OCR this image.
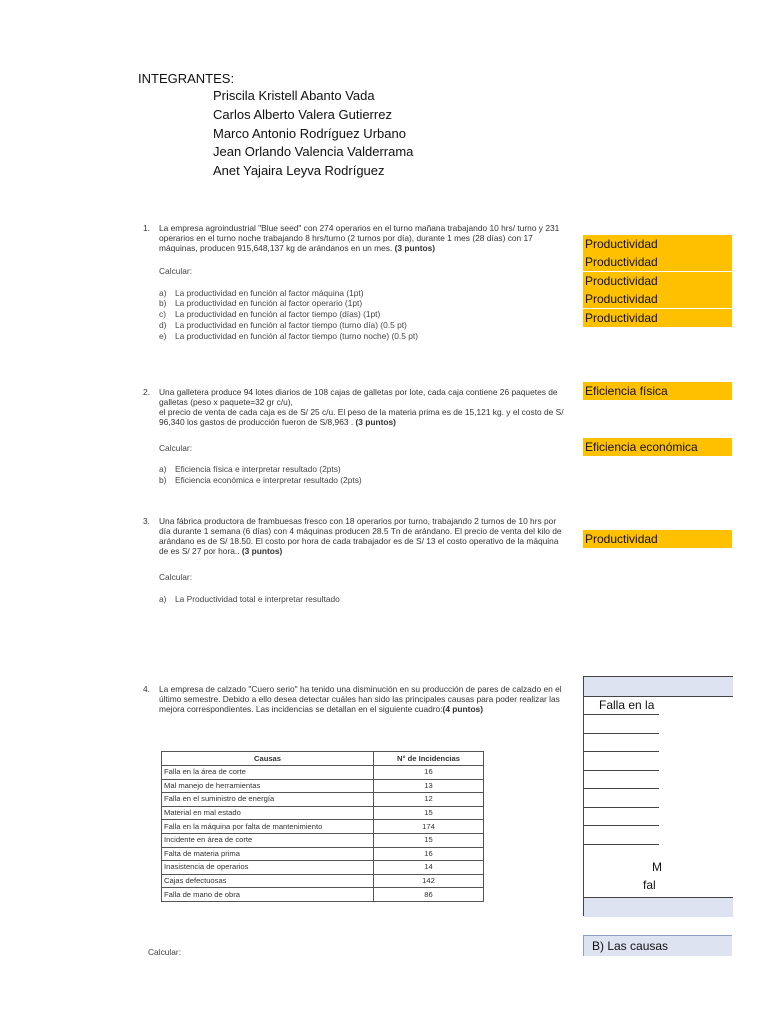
INTEGRANTES:
Priscila Kristell Abanto Vada
Carlos Alberto Valera Gutierrez
Marco Antonio Rodríguez Urbano
Jean Orlando Valencia Valderrama
Anet Yajaira Leyva Rodríguez
1. La empresa agroindustrial "Blue seed" con 274 operarios en el turno mañana trabajando 10 hrs/ turno y 231 operarios en el turno noche trabajando 8 hrs/turno (2 turnos por día), durante 1 mes (28 días) con 17 máquinas, producen 915,648,137 kg de arándanos en un mes. (3 puntos)
Calcular:
a) La productividad en función al factor máquina (1pt)
b) La productividad en función al factor operario (1pt)
c) La productividad en función al factor tiempo (días) (1pt)
d) La productividad en función al factor tiempo (turno día) (0.5 pt)
e) La productividad en función al factor tiempo (turno noche) (0.5 pt)
2. Una galletera produce 94 lotes diarios de 108 cajas de galletas por lote, cada caja contiene 26 paquetes de galletas (peso x paquete=32 gr c/u),
el precio de venta de cada caja es de S/ 25 c/u. El peso de la materia prima es de 15,121 kg. y el costo de S/ 96,340 los gastos de producción fueron de S/8,963 . (3 puntos)
Calcular:
a) Eficiencia física e interpretar resultado (2pts)
b) Eficiencia económica e interpretar resultado (2pts)
3. Una fábrica productora de frambuesas fresco con 18 operarios por turno, trabajando 2 turnos de 10 hrs por día durante 1 semana (6 días) con 4 máquinas producen 28.5 Tn de arándano. El precio de venta del kilo de arándano es de S/ 18.50. El costo por hora de cada trabajador es de S/ 13 el costo operativo de la máquina de es S/ 27 por hora.. (3 puntos)
Calcular:
a) La Productividad total e interpretar resultado
4. La empresa de calzado "Cuero serio" ha tenido una disminución en su producción de pares de calzado en el último semestre. Debido a ello desea detectar cuáles han sido las principales causas para poder realizar las mejora correspondientes. Las incidencias se detallan en el siguiente cuadro:(4 puntos)
Causas	N° de Incidencias
Falla en la área de corte	16
Mal manejo de herramientas	13
Falla en el suministro de energía	12
Material en mal estado	15
Falla en la máquina por falta de mantenimiento	174
Incidente en área de corte	15
Falta de materia prima	16
Inasistencia de operarios	14
Cajas defectuosas	142
Falla de mano de obra	86
Calcular:
Productividad
Productividad
Productividad
Productividad
Productividad
Eficiencia física
Eficiencia económica
Productividad
Falla en la
M
fal
B) Las causas
